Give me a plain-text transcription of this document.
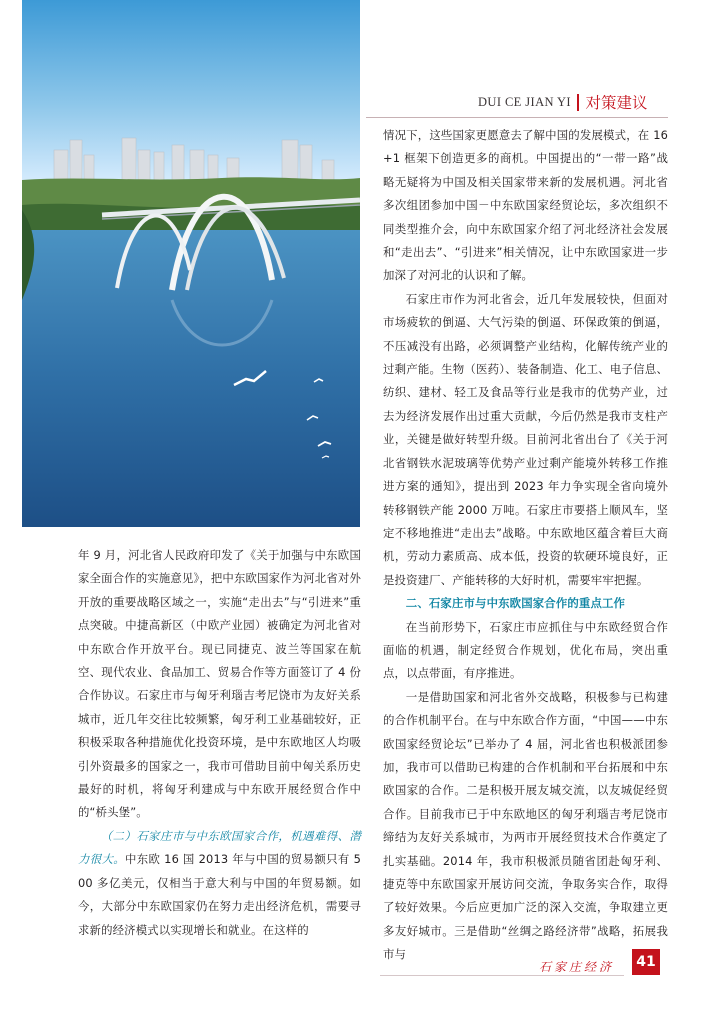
DUI CE JIAN YI 对策建议

年 9 月，河北省人民政府印发了《关于加强与中东欧国家全面合作的实施意见》，把中东欧国家作为河北省对外开放的重要战略区域之一，实施“走出去”与“引进来”重点突破。中捷高新区（中欧产业园）被确定为河北省对中东欧合作开放平台。现已同捷克、波兰等国家在航空、现代农业、食品加工、贸易合作等方面签订了 4 份合作协议。石家庄市与匈牙利瑙吉考尼饶市为友好关系城市，近几年交往比较频繁，匈牙利工业基础较好，正积极采取各种措施优化投资环境，是中东欧地区人均吸引外资最多的国家之一，我市可借助目前中匈关系历史最好的时机，将匈牙利建成与中东欧开展经贸合作中的“桥头堡”。

（二）石家庄市与中东欧国家合作，机遇难得、潜力很大。中东欧 16 国 2013 年与中国的贸易额只有 500 多亿美元，仅相当于意大利与中国的年贸易额。如今，大部分中东欧国家仍在努力走出经济危机，需要寻求新的经济模式以实现增长和就业。在这样的

情况下，这些国家更愿意去了解中国的发展模式，在 16+1 框架下创造更多的商机。中国提出的“一带一路”战略无疑将为中国及相关国家带来新的发展机遇。河北省多次组团参加中国－中东欧国家经贸论坛，多次组织不同类型推介会，向中东欧国家介绍了河北经济社会发展和“走出去”、“引进来”相关情况，让中东欧国家进一步加深了对河北的认识和了解。

石家庄市作为河北省会，近几年发展较快，但面对市场疲软的倒逼、大气污染的倒逼、环保政策的倒逼，不压减没有出路，必须调整产业结构，化解传统产业的过剩产能。生物（医药）、装备制造、化工、电子信息、纺织、建材、轻工及食品等行业是我市的优势产业，过去为经济发展作出过重大贡献，今后仍然是我市支柱产业，关键是做好转型升级。目前河北省出台了《关于河北省钢铁水泥玻璃等优势产业过剩产能境外转移工作推进方案的通知》，提出到 2023 年力争实现全省向境外转移钢铁产能 2000 万吨。石家庄市要搭上顺风车，坚定不移地推进“走出去”战略。中东欧地区蕴含着巨大商机，劳动力素质高、成本低，投资的软硬环境良好，正是投资建厂、产能转移的大好时机，需要牢牢把握。

二、石家庄市与中东欧国家合作的重点工作

在当前形势下，石家庄市应抓住与中东欧经贸合作面临的机遇，制定经贸合作规划，优化布局，突出重点，以点带面，有序推进。

一是借助国家和河北省外交战略，积极参与已构建的合作机制平台。在与中东欧合作方面，“中国——中东欧国家经贸论坛”已举办了 4 届，河北省也积极派团参加，我市可以借助已构建的合作机制和平台拓展和中东欧国家的合作。二是积极开展友城交流，以友城促经贸合作。目前我市已于中东欧地区的匈牙利瑙吉考尼饶市缔结为友好关系城市，为两市开展经贸技术合作奠定了扎实基础。2014 年，我市积极派员随省团赴匈牙利、捷克等中东欧国家开展访问交流，争取务实合作，取得了较好效果。今后应更加广泛的深入交流，争取建立更多友好城市。三是借助“丝绸之路经济带”战略，拓展我市与

石家庄经济	41
